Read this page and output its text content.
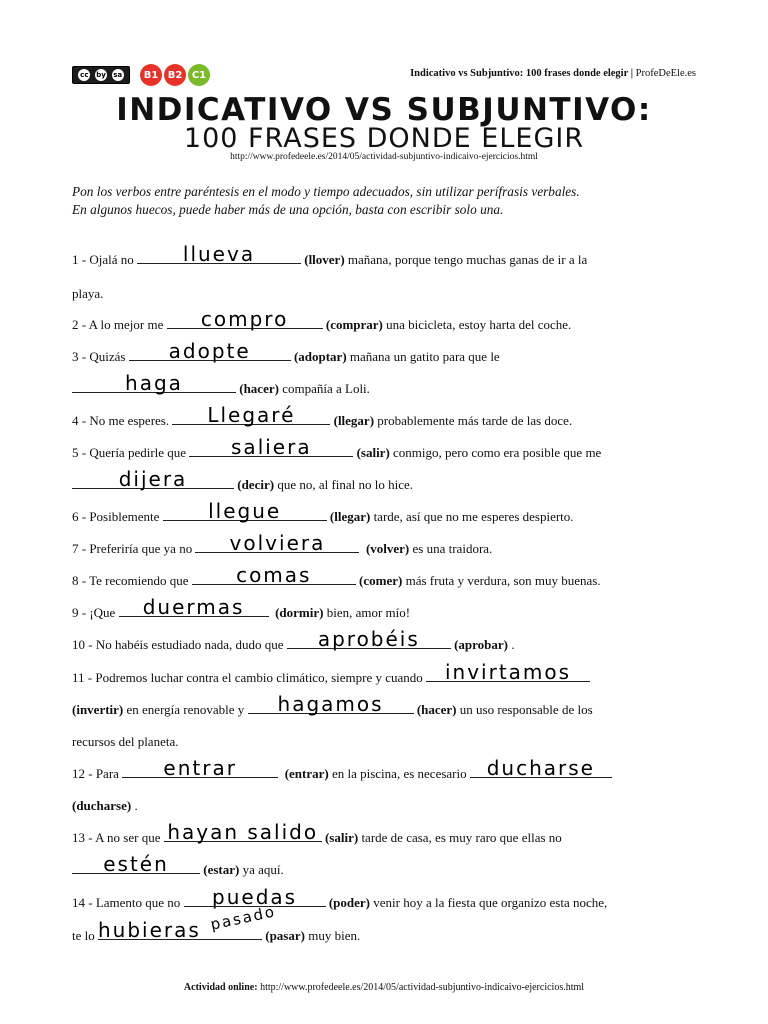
cc by sa	B1 B2 C1	Indicativo vs Subjuntivo: 100 frases donde elegir | ProfeDeEle.es
INDICATIVO VS SUBJUNTIVO:
100 FRASES DONDE ELEGIR
http://www.profedeele.es/2014/05/actividad-subjuntivo-indicaivo-ejercicios.html
Pon los verbos entre paréntesis en el modo y tiempo adecuados, sin utilizar perífrasis verbales.
En algunos huecos, puede haber más de una opción, basta con escribir solo una.
1 - Ojalá no	llueva	(llover) mañana, porque tengo muchas ganas de ir a la
playa.
2 - A lo mejor me	compro	(comprar) una bicicleta, estoy harta del coche.
3 - Quizás	adopte	(adoptar) mañana un gatito para que le
haga	(hacer) compañía a Loli.
4 - No me esperes.	Llegaré	(llegar) probablemente más tarde de las doce.
5 - Quería pedirle que	saliera	(salir) conmigo, pero como era posible que me
dijera	(decir) que no, al final no lo hice.
6 - Posiblemente	llegue	(llegar) tarde, así que no me esperes despierto.
7 - Preferiría que ya no	volviera	(volver) es una traidora.
8 - Te recomiendo que	comas	(comer) más fruta y verdura, son muy buenas.
9 - ¡Que	duermas	(dormir) bien, amor mío!
10 - No habéis estudiado nada, dudo que	aprobéis	(aprobar) .
11 - Podremos luchar contra el cambio climático, siempre y cuando invirtamos
(invertir) en energía renovable y	hagamos	(hacer) un uso responsable de los
recursos del planeta.
12 - Para	entrar	(entrar) en la piscina, es necesario ducharse
(ducharse) .
13 - A no ser que hayan salido (salir) tarde de casa, es muy raro que ellas no
estén	(estar) ya aquí.
14 - Lamento que no	puedas	(poder) venir hoy a la fiesta que organizo esta noche,
te lo hubieras pasado
(pasar) muy bien.
Actividad online: http://www.profedeele.es/2014/05/actividad-subjuntivo-indicaivo-ejercicios.html
